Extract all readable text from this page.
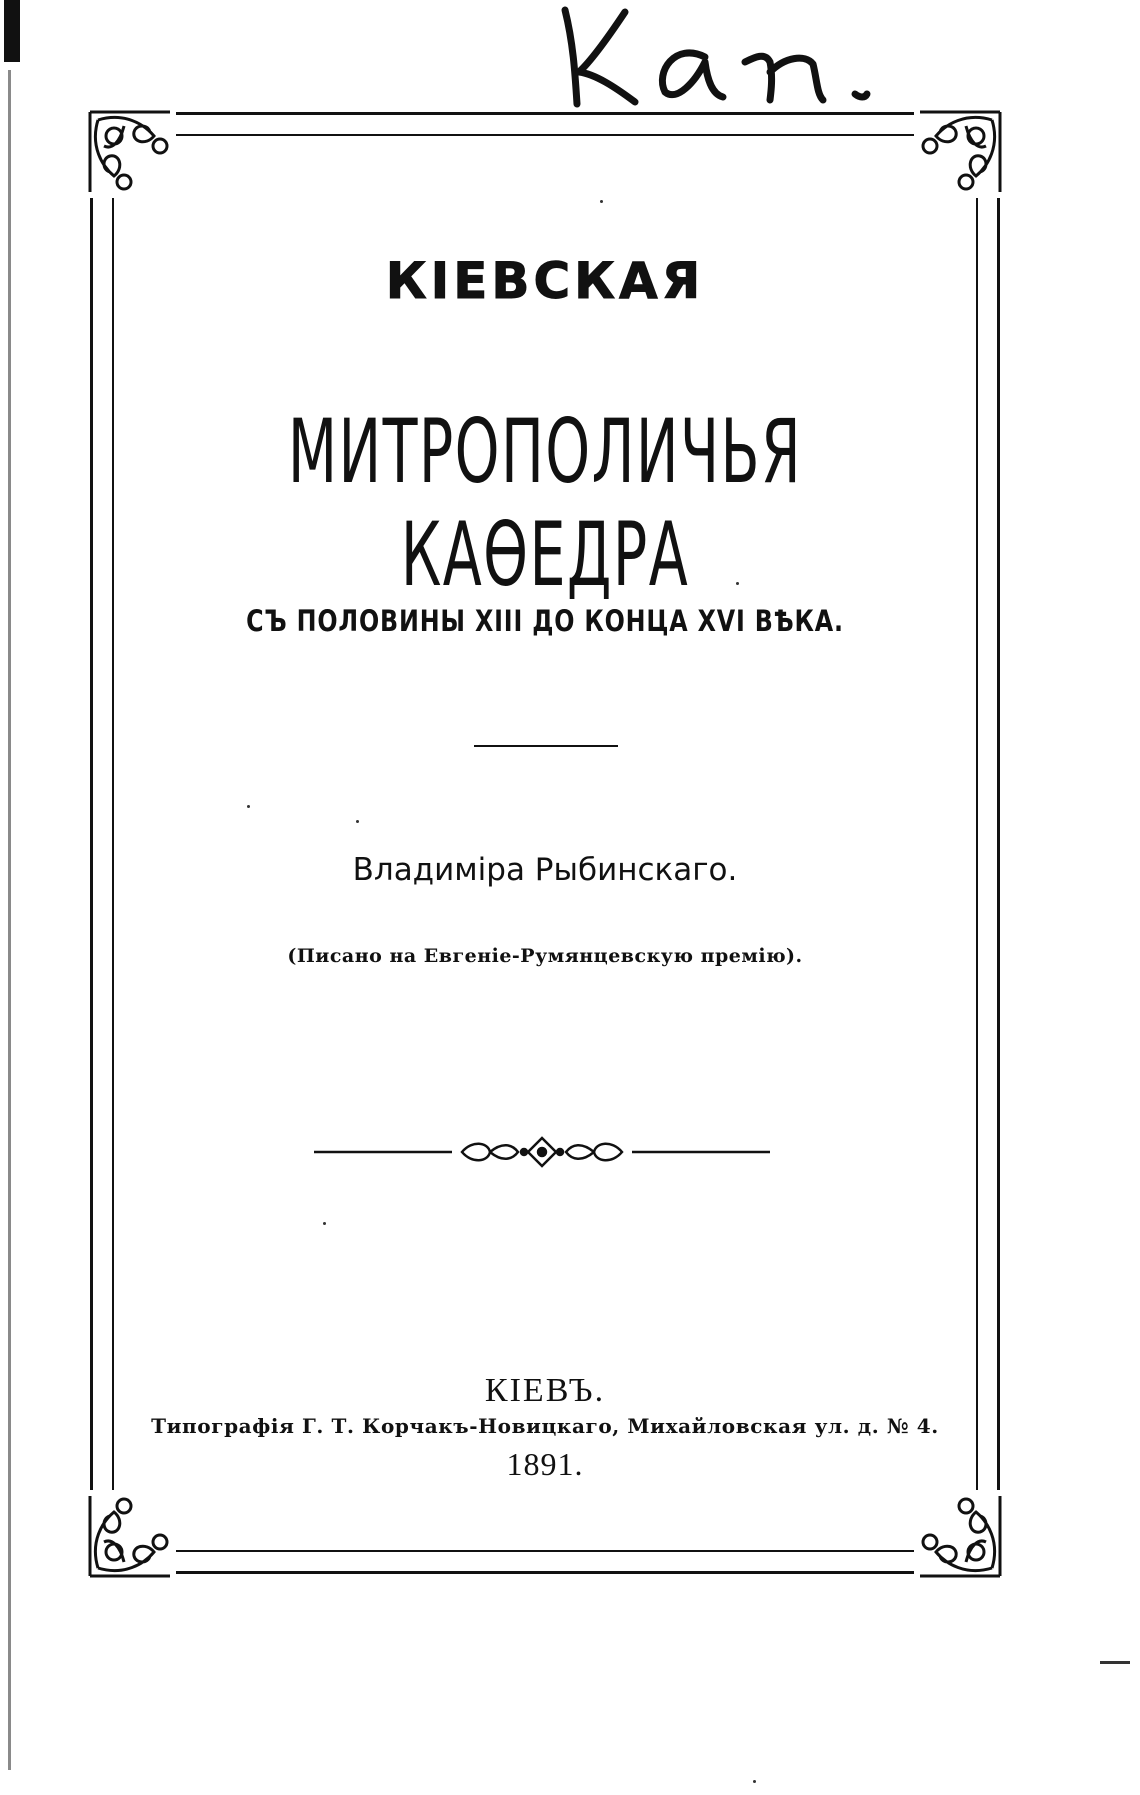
КІЕВСКАЯ
МИТРОПОЛИЧЬЯ КАѲЕДРА
СЪ ПОЛОВИНЫ XIII ДО КОНЦА XVI ВѢКА.
Владиміра Рыбинскаго.
(Писано на Евгеніе-Румянцевскую премію).
КІЕВЪ.
Типографія Г. Т. Корчакъ-Новицкаго, Михайловская ул. д. № 4.
1891.
